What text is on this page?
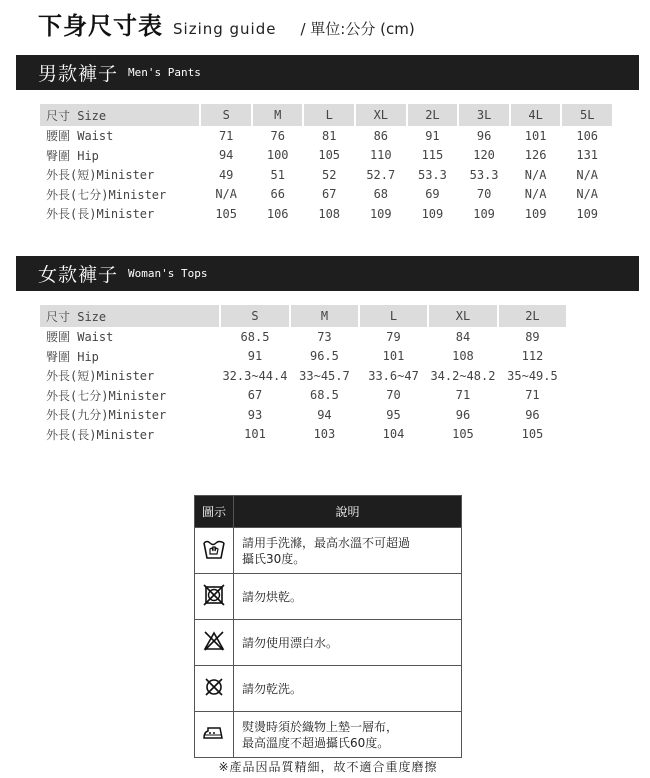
下身尺寸表 Sizing guide / 單位:公分 (cm)
男款褲子 Men's Pants
尺寸 Size	S	M	L	XL	2L	3L	4L	5L
腰圍 Waist	71	76	81	86	91	96	101	106
臀圍 Hip	94	100	105	110	115	120	126	131
外長(短)Minister	49	51	52	52.7	53.3	53.3	N/A	N/A
外長(七分)Minister	N/A	66	67	68	69	70	N/A	N/A
外長(長)Minister	105	106	108	109	109	109	109	109
女款褲子 Woman's Tops
尺寸 Size	S	M	L	XL	2L
腰圍 Waist	68.5	73	79	84	89
臀圍 Hip	91	96.5	101	108	112
外長(短)Minister	32.3~44.4	33~45.7	33.6~47	34.2~48.2	35~49.5
外長(七分)Minister	67	68.5	70	71	71
外長(九分)Minister	93	94	95	96	96
外長(長)Minister	101	103	104	105	105
圖示	說明

請用手洗滌，最高水溫不可超過
攝氏30度。

請勿烘乾。

請勿使用漂白水。

請勿乾洗。

熨燙時須於織物上墊一層布，
最高溫度不超過攝氏60度。
※產品因品質精細，故不適合重度磨擦
